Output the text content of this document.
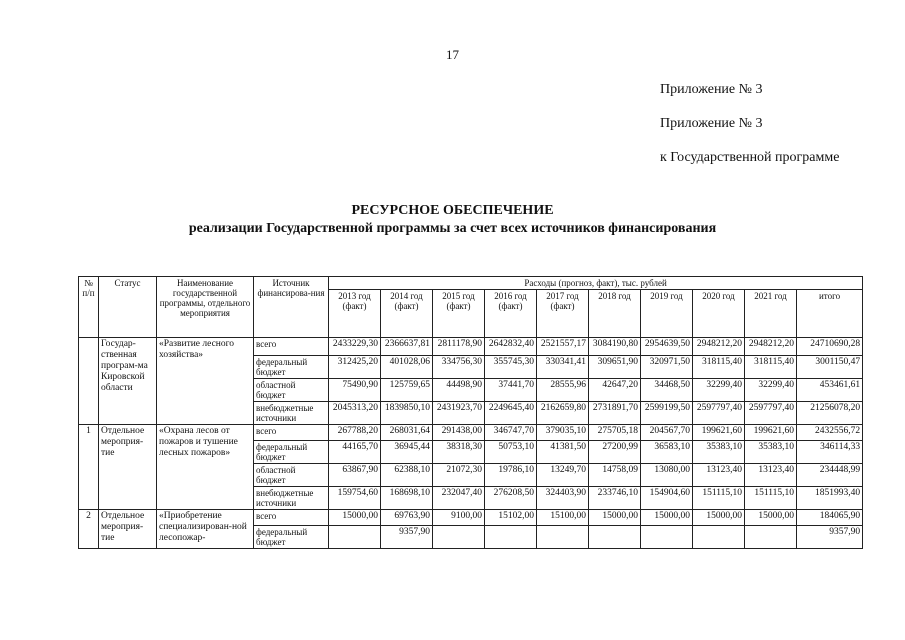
17
Приложение № 3
Приложение № 3
к Государственной программе
РЕСУРСНОЕ ОБЕСПЕЧЕНИЕ
реализации Государственной программы за счет всех источников финансирования
№ п/п	Статус	Наименование государственной программы, отдельного мероприятия	Источник финансирова-ния	Расходы (прогноз, факт), тыс. рублей									
				2013 год (факт)	2014 год (факт)	2015 год (факт)	2016 год (факт)	2017 год (факт)	2018 год	2019 год	2020 год	2021 год	итого
	Государ-ственная програм-ма Кировской области	«Развитие лесного хозяйства»	всего	2433229,30	2366637,81	2811178,90	2642832,40	2521557,17	3084190,80	2954639,50	2948212,20	2948212,20	24710690,28
			федеральный бюджет	312425,20	401028,06	334756,30	355745,30	330341,41	309651,90	320971,50	318115,40	318115,40	3001150,47
			областной бюджет	75490,90	125759,65	44498,90	37441,70	28555,96	42647,20	34468,50	32299,40	32299,40	453461,61
			внебюджетные источники	2045313,20	1839850,10	2431923,70	2249645,40	2162659,80	2731891,70	2599199,50	2597797,40	2597797,40	21256078,20
1	Отдельное мероприя-тие	«Охрана лесов от пожаров и тушение лесных пожаров»	всего	267788,20	268031,64	291438,00	346747,70	379035,10	275705,18	204567,70	199621,60	199621,60	2432556,72
			федеральный бюджет	44165,70	36945,44	38318,30	50753,10	41381,50	27200,99	36583,10	35383,10	35383,10	346114,33
			областной бюджет	63867,90	62388,10	21072,30	19786,10	13249,70	14758,09	13080,00	13123,40	13123,40	234448,99
			внебюджетные источники	159754,60	168698,10	232047,40	276208,50	324403,90	233746,10	154904,60	151115,10	151115,10	1851993,40
2	Отдельное мероприя-тие	«Приобретение специализирован-ной лесопожар-	всего	15000,00	69763,90	9100,00	15102,00	15100,00	15000,00	15000,00	15000,00	15000,00	184065,90
			федеральный бюджет		9357,90								9357,90
